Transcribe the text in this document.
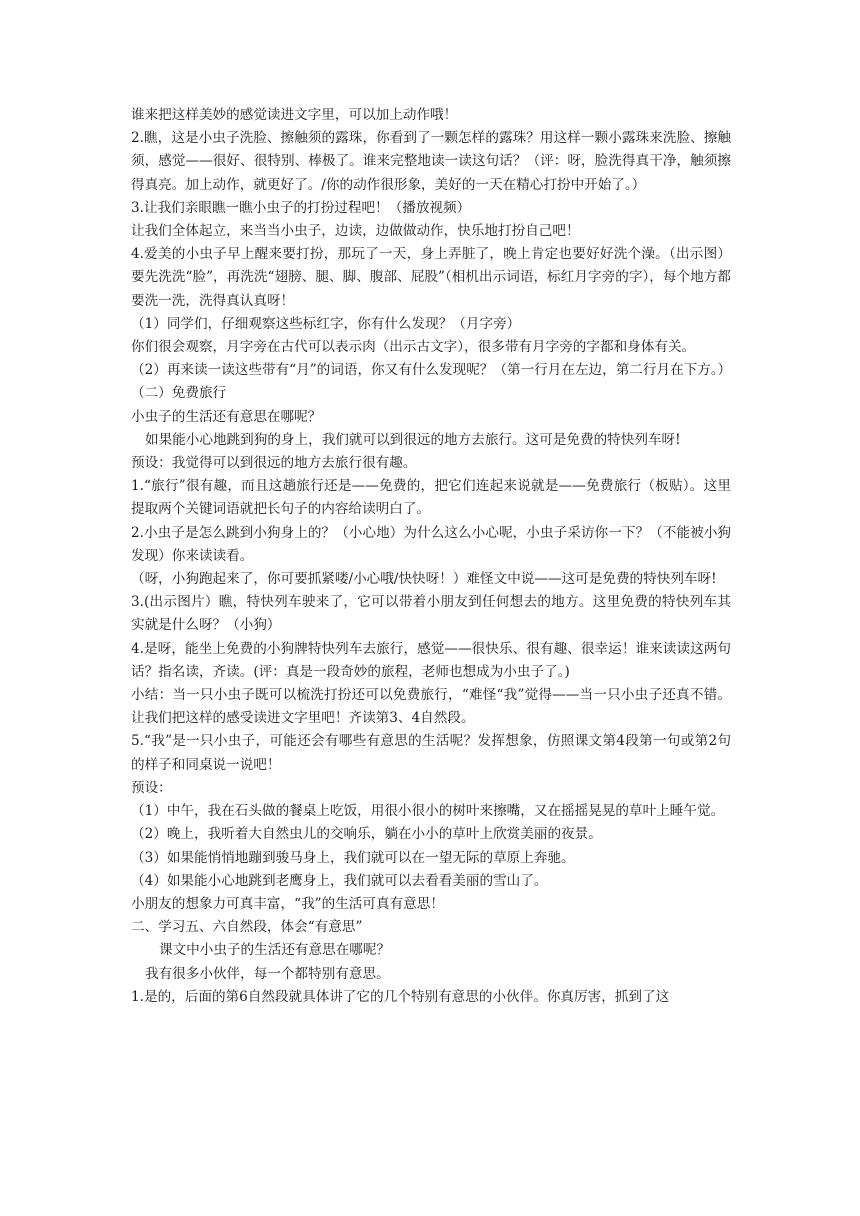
谁来把这样美妙的感觉读进文字里，可以加上动作哦！

2.瞧，这是小虫子洗脸、擦触须的露珠，你看到了一颗怎样的露珠？用这样一颗小露珠来洗脸、擦触须，感觉——很好、很特别、棒极了。谁来完整地读一读这句话？（评：呀，脸洗得真干净，触须擦得真亮。加上动作，就更好了。/你的动作很形象，美好的一天在精心打扮中开始了。）

3.让我们亲眼瞧一瞧小虫子的打扮过程吧！（播放视频）

让我们全体起立，来当当小虫子，边读，边做做动作，快乐地打扮自己吧！

4.爱美的小虫子早上醒来要打扮，那玩了一天，身上弄脏了，晚上肯定也要好好洗个澡。（出示图）要先洗洗“脸”，再洗洗“翅膀、腿、脚、腹部、屁股”（相机出示词语，标红月字旁的字），每个地方都要洗一洗，洗得真认真呀！

（1）同学们，仔细观察这些标红字，你有什么发现？（月字旁）

你们很会观察，月字旁在古代可以表示肉（出示古文字），很多带有月字旁的字都和身体有关。

（2）再来读一读这些带有“月”的词语，你又有什么发现呢？（第一行月在左边，第二行月在下方。）

（二）免费旅行

小虫子的生活还有意思在哪呢？

如果能小心地跳到狗的身上，我们就可以到很远的地方去旅行。这可是免费的特快列车呀!

预设：我觉得可以到很远的地方去旅行很有趣。

1.“旅行”很有趣，而且这趟旅行还是——免费的，把它们连起来说就是——免费旅行（板贴）。这里提取两个关键词语就把长句子的内容给读明白了。

2.小虫子是怎么跳到小狗身上的？（小心地）为什么这么小心呢，小虫子采访你一下？（不能被小狗发现）你来读读看。

（呀，小狗跑起来了，你可要抓紧喽/小心哦/快快呀！）难怪文中说——这可是免费的特快列车呀!

3.(出示图片）瞧，特快列车驶来了，它可以带着小朋友到任何想去的地方。这里免费的特快列车其实就是什么呀？（小狗）

4.是呀，能坐上免费的小狗牌特快列车去旅行，感觉——很快乐、很有趣、很幸运！谁来读读这两句话？指名读，齐读。(评：真是一段奇妙的旅程，老师也想成为小虫子了。)

小结：当一只小虫子既可以梳洗打扮还可以免费旅行，“难怪“我”觉得——当一只小虫子还真不错。让我们把这样的感受读进文字里吧！齐读第3、4自然段。

5.“我”是一只小虫子，可能还会有哪些有意思的生活呢？发挥想象，仿照课文第4段第一句或第2句的样子和同桌说一说吧！

预设：

（1）中午，我在石头做的餐桌上吃饭，用很小很小的树叶来擦嘴，又在摇摇晃晃的草叶上睡午觉。

（2）晚上，我听着大自然虫儿的交响乐，躺在小小的草叶上欣赏美丽的夜景。

（3）如果能悄悄地蹦到骏马身上，我们就可以在一望无际的草原上奔驰。

（4）如果能小心地跳到老鹰身上，我们就可以去看看美丽的雪山了。

小朋友的想象力可真丰富，“我”的生活可真有意思！

二、学习五、六自然段，体会“有意思”

课文中小虫子的生活还有意思在哪呢？

我有很多小伙伴，每一个都特别有意思。

1.是的，后面的第6自然段就具体讲了它的几个特别有意思的小伙伴。你真厉害，抓到了这
